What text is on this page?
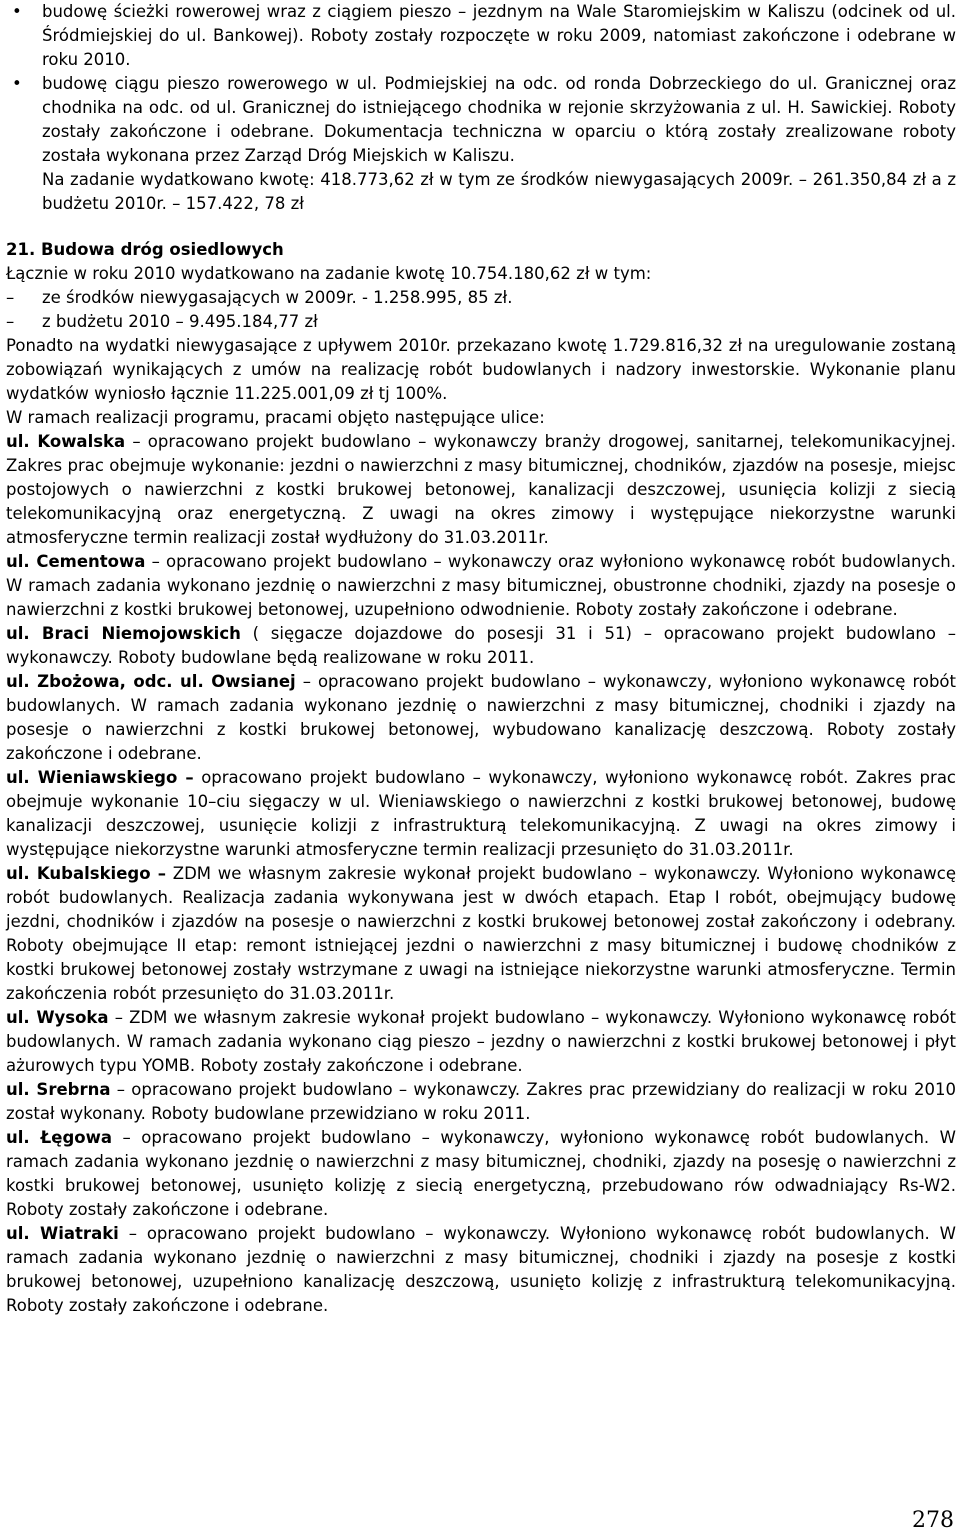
• budowę ścieżki rowerowej wraz z ciągiem pieszo – jezdnym na Wale Staromiejskim w Kaliszu (odcinek od ul. Śródmiejskiej do ul. Bankowej). Roboty zostały rozpoczęte w roku 2009, natomiast zakończone i odebrane w roku 2010.

• budowę ciągu pieszo rowerowego w ul. Podmiejskiej na odc. od ronda Dobrzeckiego do ul. Granicznej oraz chodnika na odc. od ul. Granicznej do istniejącego chodnika w rejonie skrzyżowania z ul. H. Sawickiej. Roboty zostały zakończone i odebrane. Dokumentacja techniczna w oparciu o którą zostały zrealizowane roboty została wykonana przez Zarząd Dróg Miejskich w Kaliszu.

Na zadanie wydatkowano kwotę: 418.773,62 zł w tym ze środków niewygasających 2009r. – 261.350,84 zł a z budżetu 2010r. – 157.422, 78 zł

21. Budowa dróg osiedlowych

Łącznie w roku 2010 wydatkowano na zadanie kwotę 10.754.180,62 zł w tym:

– ze środków niewygasających w 2009r. - 1.258.995, 85 zł.

– z budżetu 2010 – 9.495.184,77 zł

Ponadto na wydatki niewygasające z upływem 2010r. przekazano kwotę 1.729.816,32 zł na uregulowanie zostaną zobowiązań wynikających z umów na realizację robót budowlanych i nadzory inwestorskie. Wykonanie planu wydatków wyniosło łącznie 11.225.001,09 zł tj 100%.

W ramach realizacji programu, pracami objęto następujące ulice:

ul. Kowalska – opracowano projekt budowlano – wykonawczy branży drogowej, sanitarnej, telekomunikacyjnej. Zakres prac obejmuje wykonanie: jezdni o nawierzchni z masy bitumicznej, chodników, zjazdów na posesje, miejsc postojowych o nawierzchni z kostki brukowej betonowej, kanalizacji deszczowej, usunięcia kolizji z siecią telekomunikacyjną oraz energetyczną. Z uwagi na okres zimowy i występujące niekorzystne warunki atmosferyczne termin realizacji został wydłużony do 31.03.2011r.

ul. Cementowa – opracowano projekt budowlano – wykonawczy oraz wyłoniono wykonawcę robót budowlanych. W ramach zadania wykonano jezdnię o nawierzchni z masy bitumicznej, obustronne chodniki, zjazdy na posesje o nawierzchni z kostki brukowej betonowej, uzupełniono odwodnienie. Roboty zostały zakończone i odebrane.

ul. Braci Niemojowskich ( sięgacze dojazdowe do posesji 31 i 51) – opracowano projekt budowlano – wykonawczy. Roboty budowlane będą realizowane w roku 2011.

ul. Zbożowa, odc. ul. Owsianej – opracowano projekt budowlano – wykonawczy, wyłoniono wykonawcę robót budowlanych. W ramach zadania wykonano jezdnię o nawierzchni z masy bitumicznej, chodniki i zjazdy na posesje o nawierzchni z kostki brukowej betonowej, wybudowano kanalizację deszczową. Roboty zostały zakończone i odebrane.

ul. Wieniawskiego – opracowano projekt budowlano – wykonawczy, wyłoniono wykonawcę robót. Zakres prac obejmuje wykonanie 10–ciu sięgaczy w ul. Wieniawskiego o nawierzchni z kostki brukowej betonowej, budowę kanalizacji deszczowej, usunięcie kolizji z infrastrukturą telekomunikacyjną. Z uwagi na okres zimowy i występujące niekorzystne warunki atmosferyczne termin realizacji przesunięto do 31.03.2011r.

ul. Kubalskiego – ZDM we własnym zakresie wykonał projekt budowlano – wykonawczy. Wyłoniono wykonawcę robót budowlanych. Realizacja zadania wykonywana jest w dwóch etapach. Etap I robót, obejmujący budowę jezdni, chodników i zjazdów na posesje o nawierzchni z kostki brukowej betonowej został zakończony i odebrany. Roboty obejmujące II etap: remont istniejącej jezdni o nawierzchni z masy bitumicznej i budowę chodników z kostki brukowej betonowej zostały wstrzymane z uwagi na istniejące niekorzystne warunki atmosferyczne. Termin zakończenia robót przesunięto do 31.03.2011r.

ul. Wysoka – ZDM we własnym zakresie wykonał projekt budowlano – wykonawczy. Wyłoniono wykonawcę robót budowlanych. W ramach zadania wykonano ciąg pieszo – jezdny o nawierzchni z kostki brukowej betonowej i płyt ażurowych typu YOMB. Roboty zostały zakończone i odebrane.

ul. Srebrna – opracowano projekt budowlano – wykonawczy. Zakres prac przewidziany do realizacji w roku 2010 został wykonany. Roboty budowlane przewidziano w roku 2011.

ul. Łęgowa – opracowano projekt budowlano – wykonawczy, wyłoniono wykonawcę robót budowlanych. W ramach zadania wykonano jezdnię o nawierzchni z masy bitumicznej, chodniki, zjazdy na posesję o nawierzchni z kostki brukowej betonowej, usunięto kolizję z siecią energetyczną, przebudowano rów odwadniający Rs-W2. Roboty zostały zakończone i odebrane.

ul. Wiatraki – opracowano projekt budowlano – wykonawczy. Wyłoniono wykonawcę robót budowlanych. W ramach zadania wykonano jezdnię o nawierzchni z masy bitumicznej, chodniki i zjazdy na posesje z kostki brukowej betonowej, uzupełniono kanalizację deszczową, usunięto kolizję z infrastrukturą telekomunikacyjną. Roboty zostały zakończone i odebrane.

278
